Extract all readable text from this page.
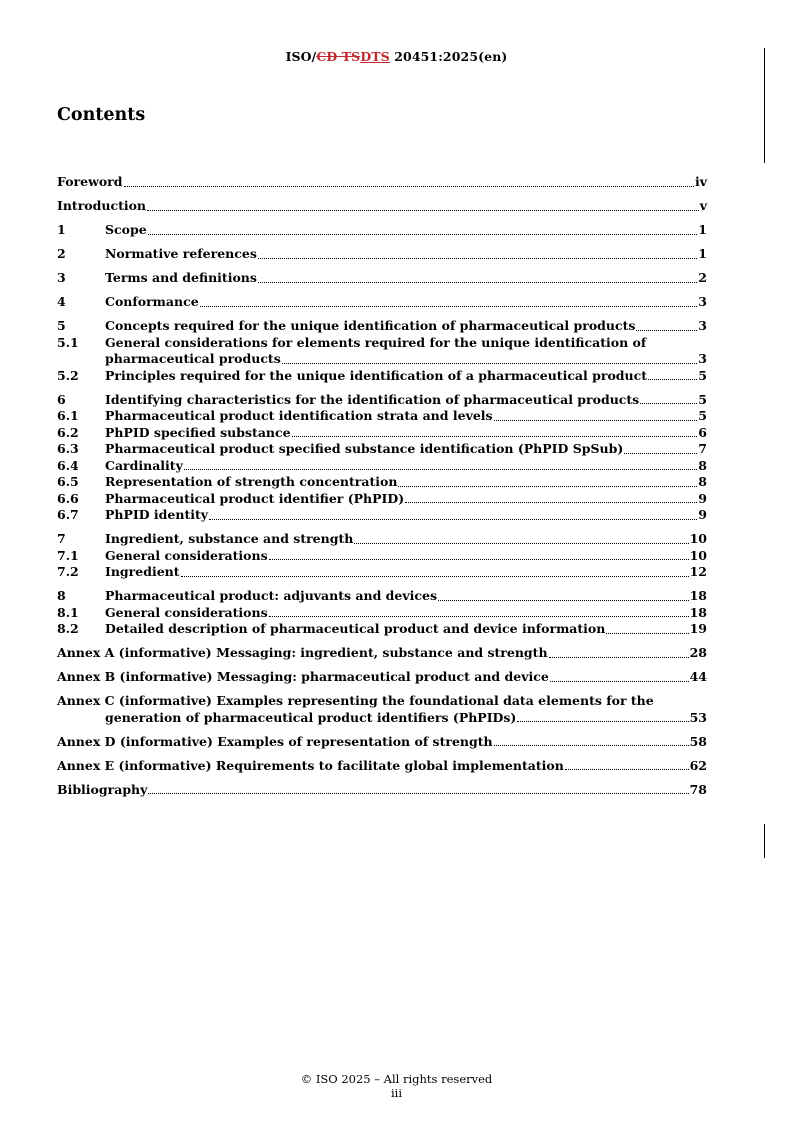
ISO/CD TSDTS 20451:2025(en)
Contents
Foreword	iv
Introduction	v
1	Scope	1
2	Normative references	1
3	Terms and definitions	2
4	Conformance	3
5	Concepts required for the unique identification of pharmaceutical products	3
5.1	General considerations for elements required for the unique identification of
pharmaceutical products	3
5.2	Principles required for the unique identification of a pharmaceutical product	5
6	Identifying characteristics for the identification of pharmaceutical products	5
6.1	Pharmaceutical product identification strata and levels	5
6.2	PhPID specified substance	6
6.3	Pharmaceutical product specified substance identification (PhPID SpSub)	7
6.4	Cardinality	8
6.5	Representation of strength concentration	8
6.6	Pharmaceutical product identifier (PhPID)	9
6.7	PhPID identity	9
7	Ingredient, substance and strength	10
7.1	General considerations	10
7.2	Ingredient	12
8	Pharmaceutical product: adjuvants and devices	18
8.1	General considerations	18
8.2	Detailed description of pharmaceutical product and device information	19
Annex A (informative) Messaging: ingredient, substance and strength	28
Annex B (informative) Messaging: pharmaceutical product and device	44
Annex C (informative) Examples representing the foundational data elements for the
generation of pharmaceutical product identifiers (PhPIDs)	53
Annex D (informative) Examples of representation of strength	58
Annex E (informative) Requirements to facilitate global implementation	62
Bibliography	78
© ISO 2025 – All rights reserved
iii
